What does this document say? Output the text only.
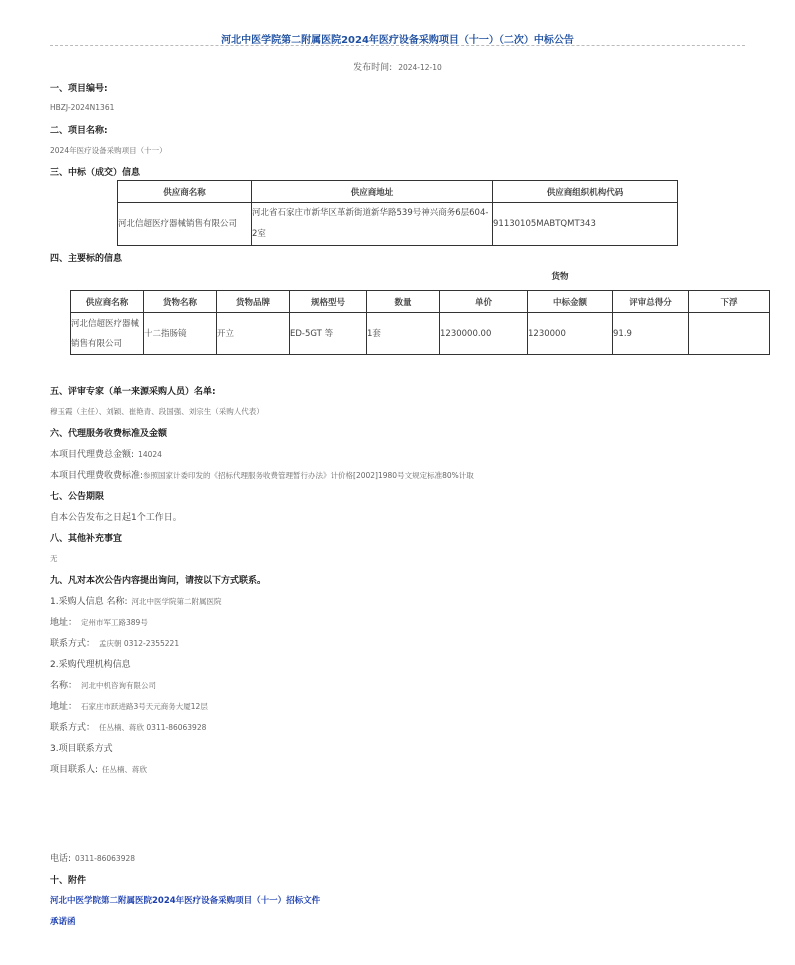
河北中医学院第二附属医院2024年医疗设备采购项目（十一）（二次）中标公告
发布时间: 2024-12-10
一、项目编号:
HBZJ-2024N1361
二、项目名称:
2024年医疗设备采购项目（十一）
三、中标（成交）信息
供应商名称	供应商地址	供应商组织机构代码
河北信超医疗器械销售有限公司	河北省石家庄市新华区革新街道新华路539号神兴商务6层604-2室	91130105MABTQMT343
四、主要标的信息
货物
供应商名称	货物名称	货物品牌	规格型号	数量	单价	中标金额	评审总得分	下浮
河北信超医疗器械销售有限公司	十二指肠镜	开立	ED-5GT 等	1套	1230000.00	1230000	91.9	
五、评审专家（单一来源采购人员）名单:
穆玉霞（主任）、刘颖、崔艳青、段国强、刘宗生（采购人代表）
六、代理服务收费标准及金额
本项目代理费总金额: 14024
本项目代理费收费标准:参照国家计委印发的《招标代理服务收费管理暂行办法》计价格[2002]1980号文规定标准80%计取
七、公告期限
自本公告发布之日起1个工作日。
八、其他补充事宜
无
九、凡对本次公告内容提出询问，请按以下方式联系。
1.采购人信息 名称: 河北中医学院第二附属医院
地址： 定州市军工路389号
联系方式： 孟庆朝 0312-2355221
2.采购代理机构信息
名称： 河北中机咨询有限公司
地址： 石家庄市跃进路3号天元商务大厦12层
联系方式： 任丛楠、蒋欣 0311-86063928
3.项目联系方式
项目联系人: 任丛楠、蒋欣
电话: 0311-86063928
十、附件
河北中医学院第二附属医院2024年医疗设备采购项目（十一）招标文件
承诺函
